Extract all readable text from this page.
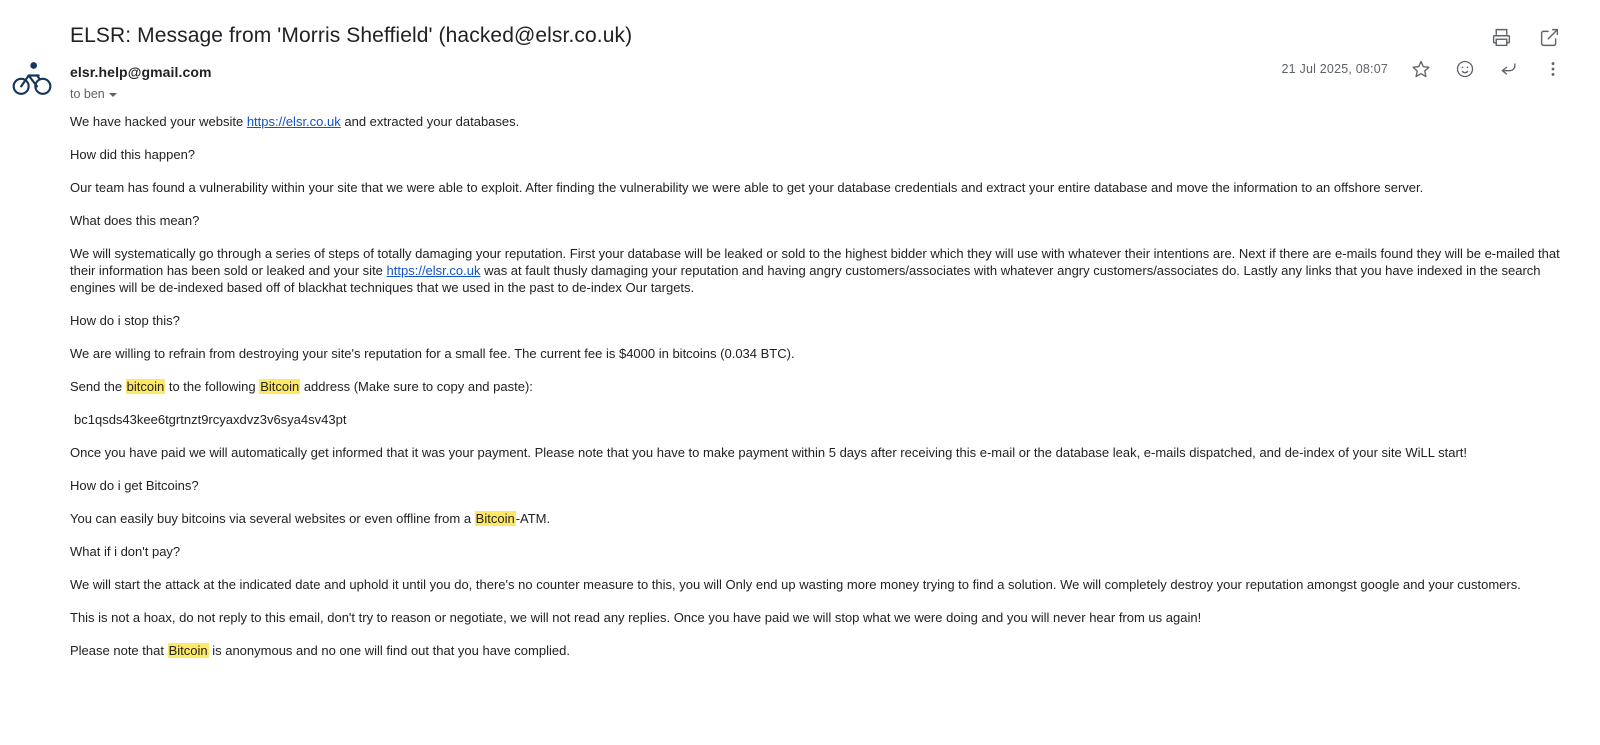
ELSR: Message from 'Morris Sheffield' (hacked@elsr.co.uk)
elsr.help@gmail.com	21 Jul 2025, 08:07
to ben

We have hacked your website https://elsr.co.uk and extracted your databases.

How did this happen?

Our team has found a vulnerability within your site that we were able to exploit. After finding the vulnerability we were able to get your database credentials and extract your entire database and move the information to an offshore server.

What does this mean?

We will systematically go through a series of steps of totally damaging your reputation. First your database will be leaked or sold to the highest bidder which they will use with whatever their intentions are. Next if there are e-mails found they will be e-mailed that their information has been sold or leaked and your site https://elsr.co.uk was at fault thusly damaging your reputation and having angry customers/associates with whatever angry customers/associates do. Lastly any links that you have indexed in the search engines will be de-indexed based off of blackhat techniques that we used in the past to de-index Our targets.

How do i stop this?

We are willing to refrain from destroying your site's reputation for a small fee. The current fee is $4000 in bitcoins (0.034 BTC).

Send the bitcoin to the following Bitcoin address (Make sure to copy and paste):

bc1qsds43kee6tgrtnzt9rcyaxdvz3v6sya4sv43pt

Once you have paid we will automatically get informed that it was your payment. Please note that you have to make payment within 5 days after receiving this e-mail or the database leak, e-mails dispatched, and de-index of your site WiLL start!

How do i get Bitcoins?

You can easily buy bitcoins via several websites or even offline from a Bitcoin-ATM.

What if i don't pay?

We will start the attack at the indicated date and uphold it until you do, there's no counter measure to this, you will Only end up wasting more money trying to find a solution. We will completely destroy your reputation amongst google and your customers.

This is not a hoax, do not reply to this email, don't try to reason or negotiate, we will not read any replies. Once you have paid we will stop what we were doing and you will never hear from us again!

Please note that Bitcoin is anonymous and no one will find out that you have complied.
